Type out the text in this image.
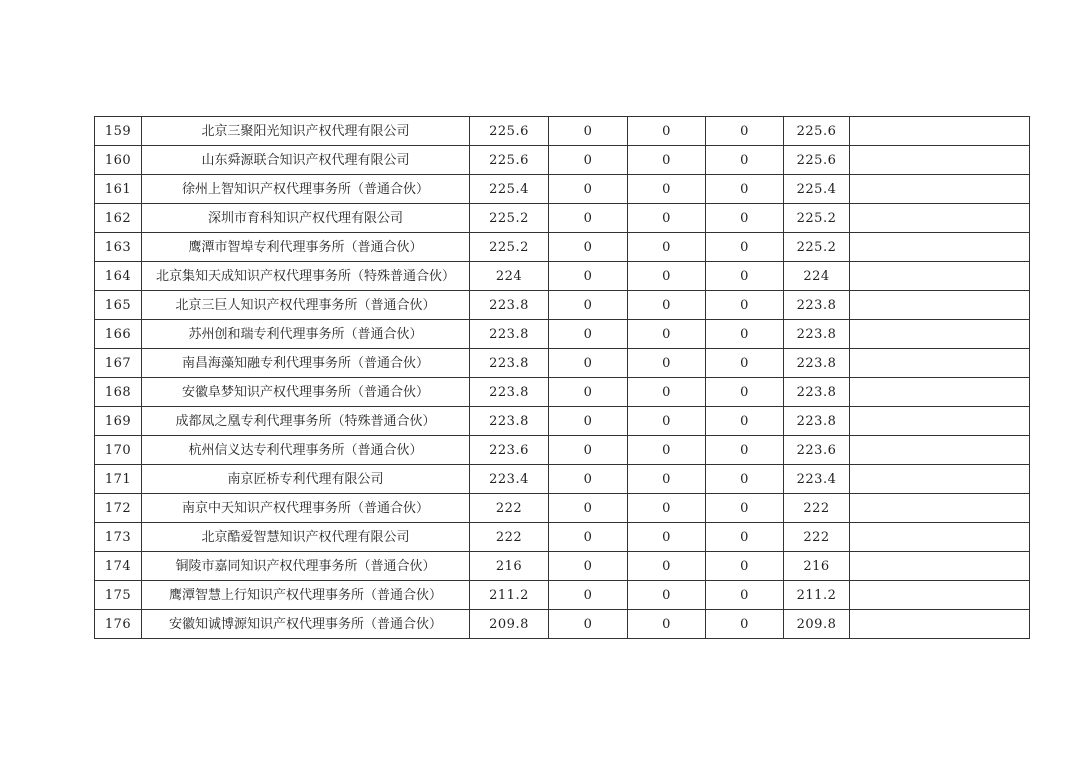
159	北京三聚阳光知识产权代理有限公司	225.6	0	0	0	225.6	
160	山东舜源联合知识产权代理有限公司	225.6	0	0	0	225.6	
161	徐州上智知识产权代理事务所（普通合伙）	225.4	0	0	0	225.4	
162	深圳市育科知识产权代理有限公司	225.2	0	0	0	225.2	
163	鹰潭市智埠专利代理事务所（普通合伙）	225.2	0	0	0	225.2	
164	北京集知天成知识产权代理事务所（特殊普通合伙）	224	0	0	0	224	
165	北京三巨人知识产权代理事务所（普通合伙）	223.8	0	0	0	223.8	
166	苏州创和瑞专利代理事务所（普通合伙）	223.8	0	0	0	223.8	
167	南昌海藻知融专利代理事务所（普通合伙）	223.8	0	0	0	223.8	
168	安徽阜梦知识产权代理事务所（普通合伙）	223.8	0	0	0	223.8	
169	成都凤之凰专利代理事务所（特殊普通合伙）	223.8	0	0	0	223.8	
170	杭州信义达专利代理事务所（普通合伙）	223.6	0	0	0	223.6	
171	南京匠桥专利代理有限公司	223.4	0	0	0	223.4	
172	南京中天知识产权代理事务所（普通合伙）	222	0	0	0	222	
173	北京酷爱智慧知识产权代理有限公司	222	0	0	0	222	
174	铜陵市嘉同知识产权代理事务所（普通合伙）	216	0	0	0	216	
175	鹰潭智慧上行知识产权代理事务所（普通合伙）	211.2	0	0	0	211.2	
176	安徽知诚博源知识产权代理事务所（普通合伙）	209.8	0	0	0	209.8	
